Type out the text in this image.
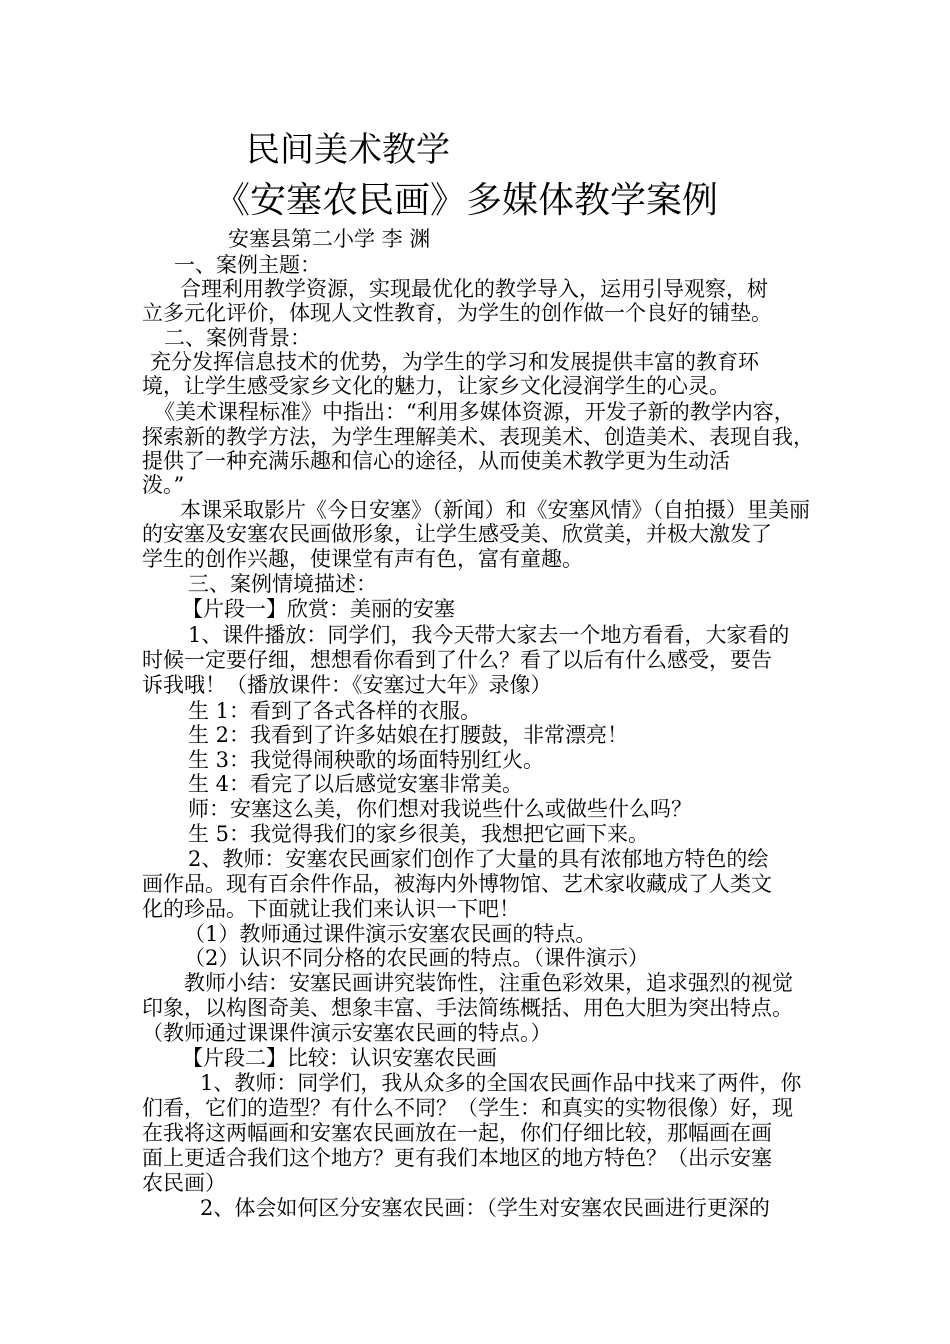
民间美术教学
《安塞农民画》多媒体教学案例
安塞县第二小学 李 渊
一、案例主题：
合理利用教学资源，实现最优化的教学导入，运用引导观察，树
立多元化评价，体现人文性教育，为学生的创作做一个良好的铺垫。
二、案例背景：
充分发挥信息技术的优势，为学生的学习和发展提供丰富的教育环
境，让学生感受家乡文化的魅力，让家乡文化浸润学生的心灵。
《美术课程标准》中指出：“利用多媒体资源，开发子新的教学内容，
探索新的教学方法，为学生理解美术、表现美术、创造美术、表现自我，
提供了一种充满乐趣和信心的途径，从而使美术教学更为生动活
泼。”
本课采取影片《今日安塞》（新闻）和《安塞风情》（自拍摄）里美丽
的安塞及安塞农民画做形象，让学生感受美、欣赏美，并极大激发了
学生的创作兴趣，使课堂有声有色，富有童趣。
三、案例情境描述：
【片段一】欣赏：美丽的安塞
1、课件播放：同学们，我今天带大家去一个地方看看，大家看的
时候一定要仔细，想想看你看到了什么？看了以后有什么感受，要告
诉我哦！（播放课件：《安塞过大年》录像）
生 1：看到了各式各样的衣服。
生 2：我看到了许多姑娘在打腰鼓，非常漂亮！
生 3：我觉得闹秧歌的场面特别红火。
生 4：看完了以后感觉安塞非常美。
师：安塞这么美，你们想对我说些什么或做些什么吗？
生 5：我觉得我们的家乡很美，我想把它画下来。
2、教师：安塞农民画家们创作了大量的具有浓郁地方特色的绘
画作品。现有百余件作品，被海内外博物馆、艺术家收藏成了人类文
化的珍品。下面就让我们来认识一下吧！
（1）教师通过课件演示安塞农民画的特点。
（2）认识不同分格的农民画的特点。（课件演示）
教师小结：安塞民画讲究装饰性，注重色彩效果，追求强烈的视觉
印象，以构图奇美、想象丰富、手法简练概括、用色大胆为突出特点。
（教师通过课课件演示安塞农民画的特点。）
【片段二】比较：认识安塞农民画
1、教师：同学们，我从众多的全国农民画作品中找来了两件，你
们看，它们的造型？有什么不同？（学生：和真实的实物很像）好，现
在我将这两幅画和安塞农民画放在一起，你们仔细比较，那幅画在画
面上更适合我们这个地方？更有我们本地区的地方特色？（出示安塞
农民画）
2、体会如何区分安塞农民画：（学生对安塞农民画进行更深的
